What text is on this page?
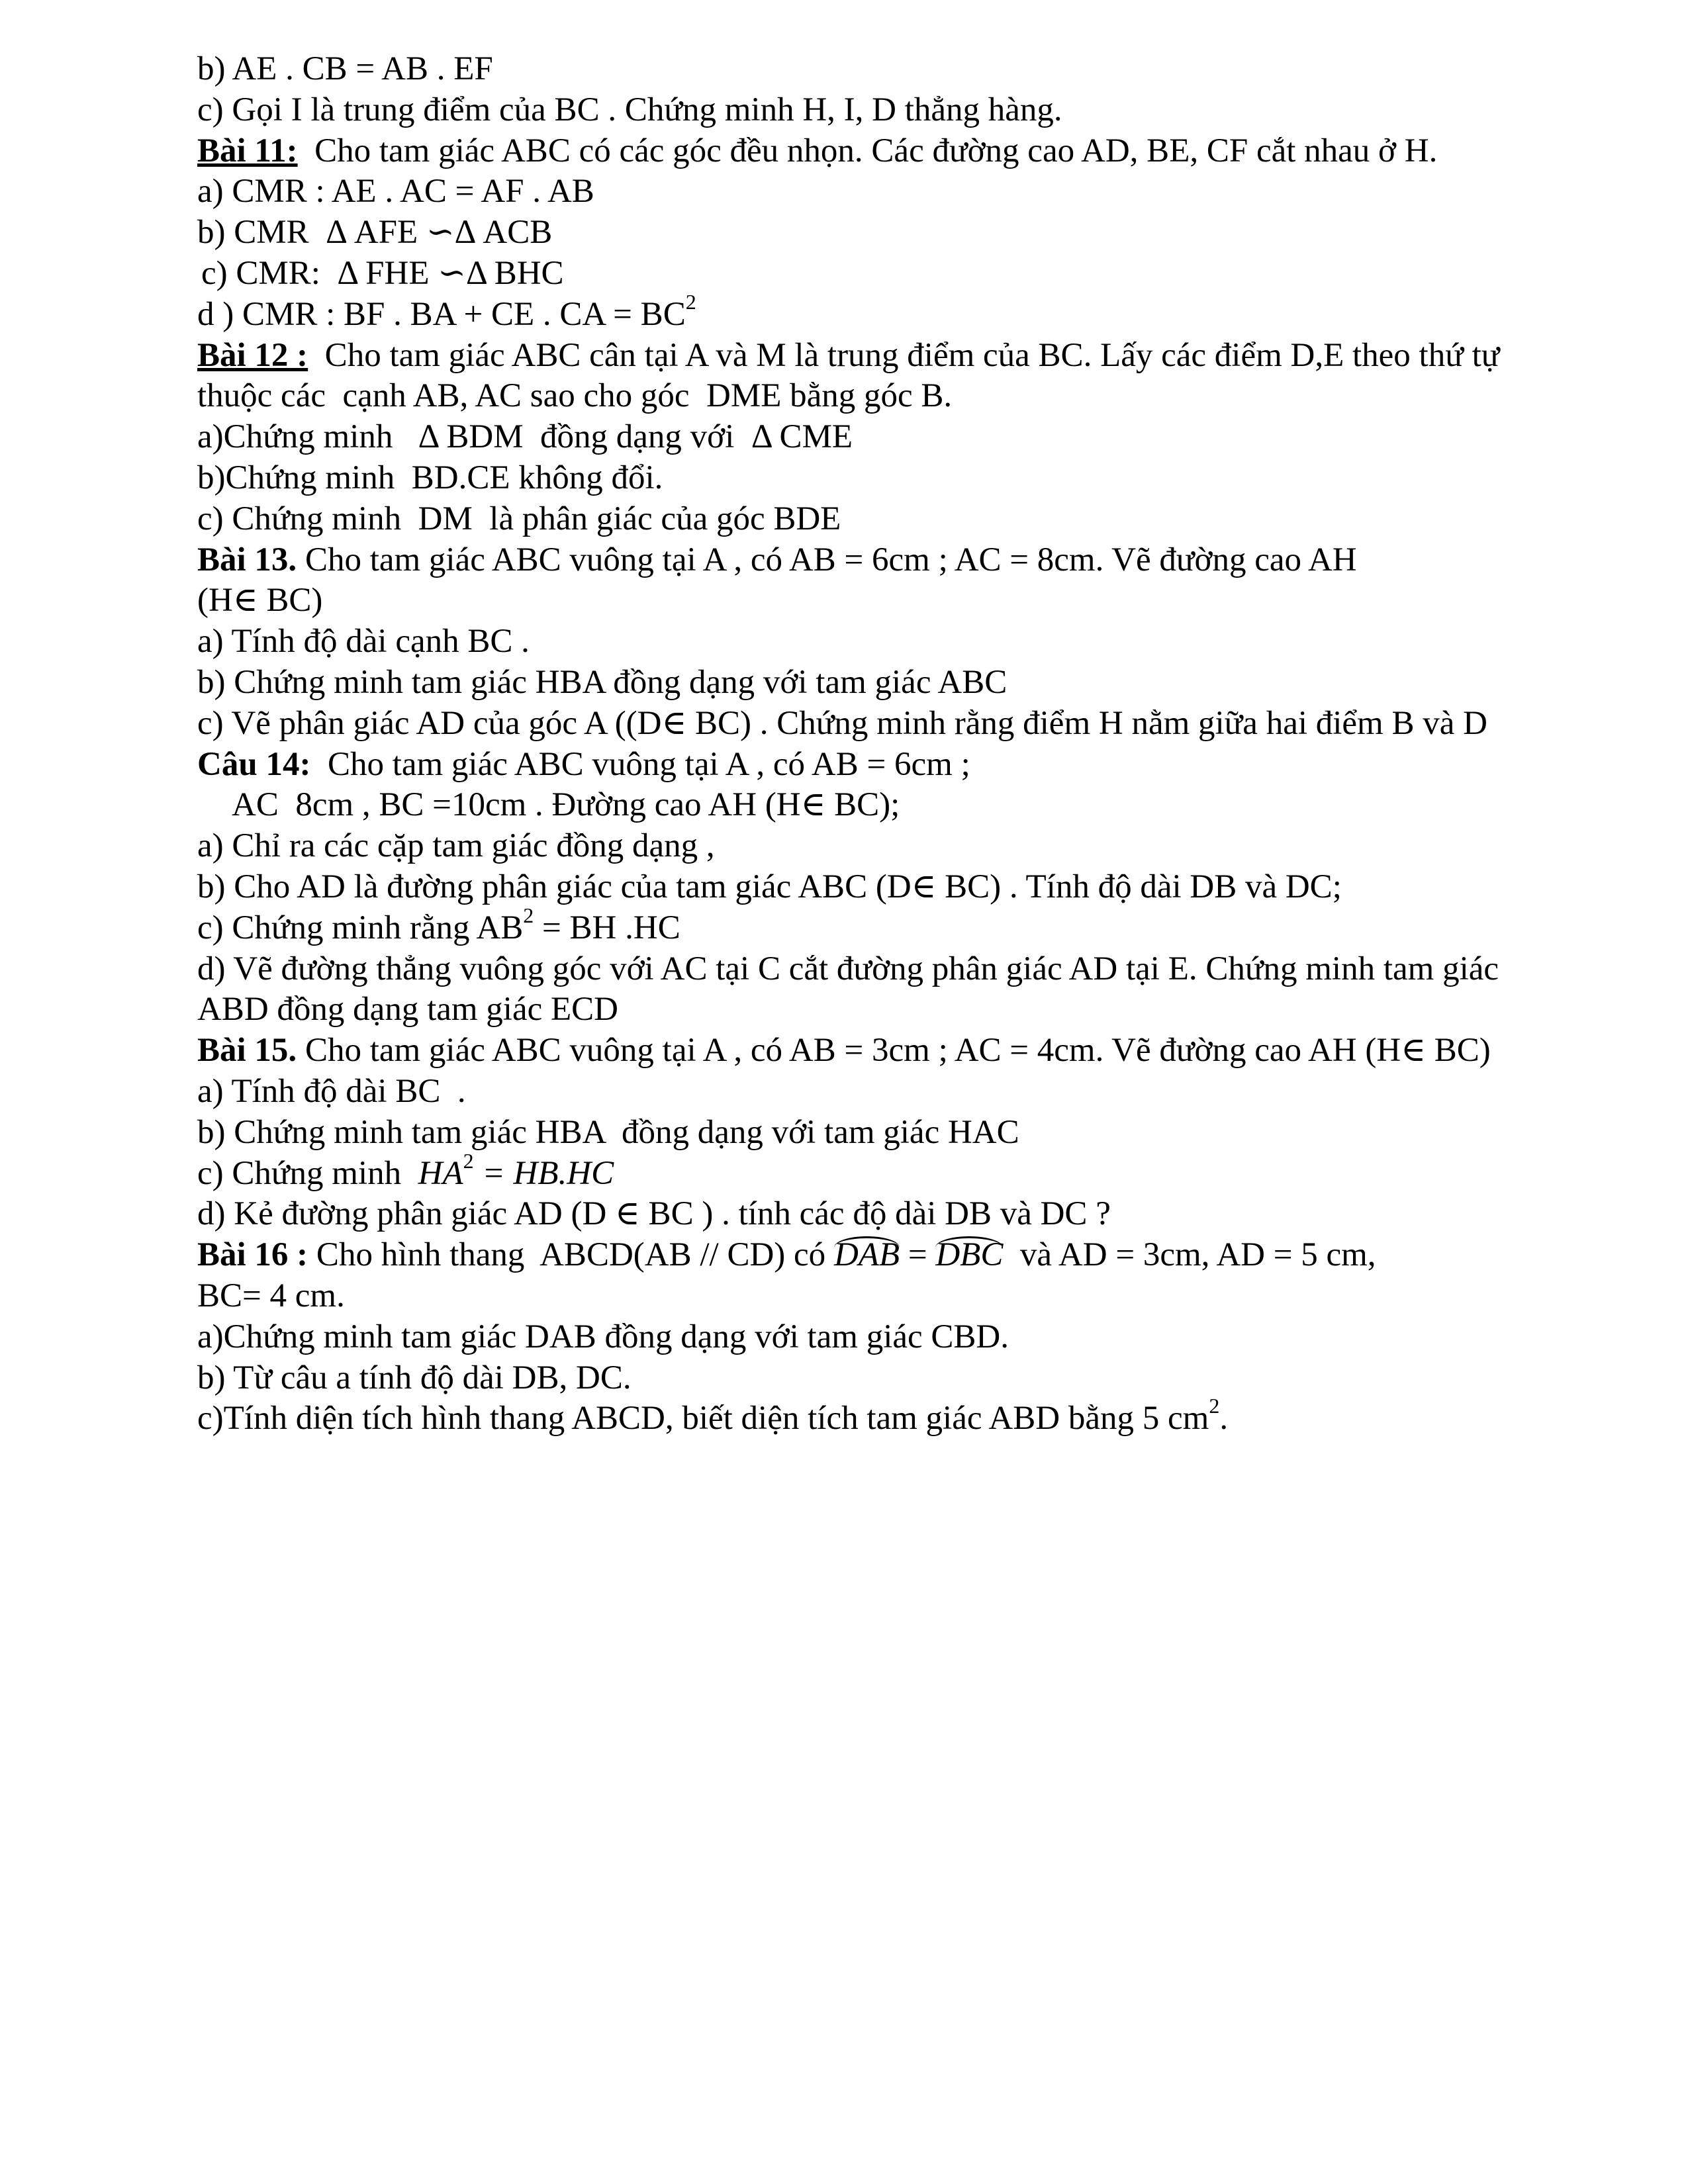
b) AE . CB = AB . EF
c) Gọi I là trung điểm của BC . Chứng minh H, I, D thẳng hàng.
Bài 11:  Cho tam giác ABC có các góc đều nhọn. Các đường cao AD, BE, CF cắt nhau ở H.
a) CMR : AE . AC = AF . AB
b) CMR  Δ AFE ∽Δ ACB
c) CMR:  Δ FHE ∽Δ BHC
d ) CMR : BF . BA + CE . CA = $BC^2$
Bài 12 :  Cho tam giác ABC cân tại A và M là trung điểm của BC. Lấy các điểm D,E theo thứ tự
thuộc các  cạnh AB, AC sao cho góc  DME bằng góc B.
a)Chứng minh   Δ BDM  đồng dạng với  Δ CME
b)Chứng minh  BD.CE không đổi.
c) Chứng minh  DM  là phân giác của góc BDE
Bài 13. Cho tam giác ABC vuông tại A , có AB = 6cm ; AC = 8cm. Vẽ đường cao AH
(H∈ BC)
a) Tính độ dài cạnh BC .
b) Chứng minh tam giác HBA đồng dạng với tam giác ABC
c) Vẽ phân giác AD của góc A ((D∈ BC) . Chứng minh rằng điểm H nằm giữa hai điểm B và D
Câu 14:  Cho tam giác ABC vuông tại A , có AB = 6cm ;
AC  8cm , BC =10cm . Đường cao AH (H∈ BC);
a) Chỉ ra các cặp tam giác đồng dạng ,
b) Cho AD là đường phân giác của tam giác ABC (D∈ BC) . Tính độ dài DB và DC;
c) Chứng minh rằng $AB^2$ = BH .HC
d) Vẽ đường thẳng vuông góc với AC tại C cắt đường phân giác AD tại E. Chứng minh tam giác
ABD đồng dạng tam giác ECD
Bài 15. Cho tam giác ABC vuông tại A , có AB = 3cm ; AC = 4cm. Vẽ đường cao AH (H∈ BC)
a) Tính độ dài BC  .
b) Chứng minh tam giác HBA  đồng dạng với tam giác HAC
c) Chứng minh  $HA^2 = HB.HC$
d) Kẻ đường phân giác AD (D ∈ BC ) . tính các độ dài DB và DC ?
Bài 16 : Cho hình thang  ABCD(AB // CD) có
DAB =
DBC  và AD = 3cm, AD = 5 cm,
BC= 4 cm.
a)Chứng minh tam giác DAB đồng dạng với tam giác CBD.
b) Từ câu a tính độ dài DB, DC.
c)Tính diện tích hình thang ABCD, biết diện tích tam giác ABD bằng 5 $cm^2$.
